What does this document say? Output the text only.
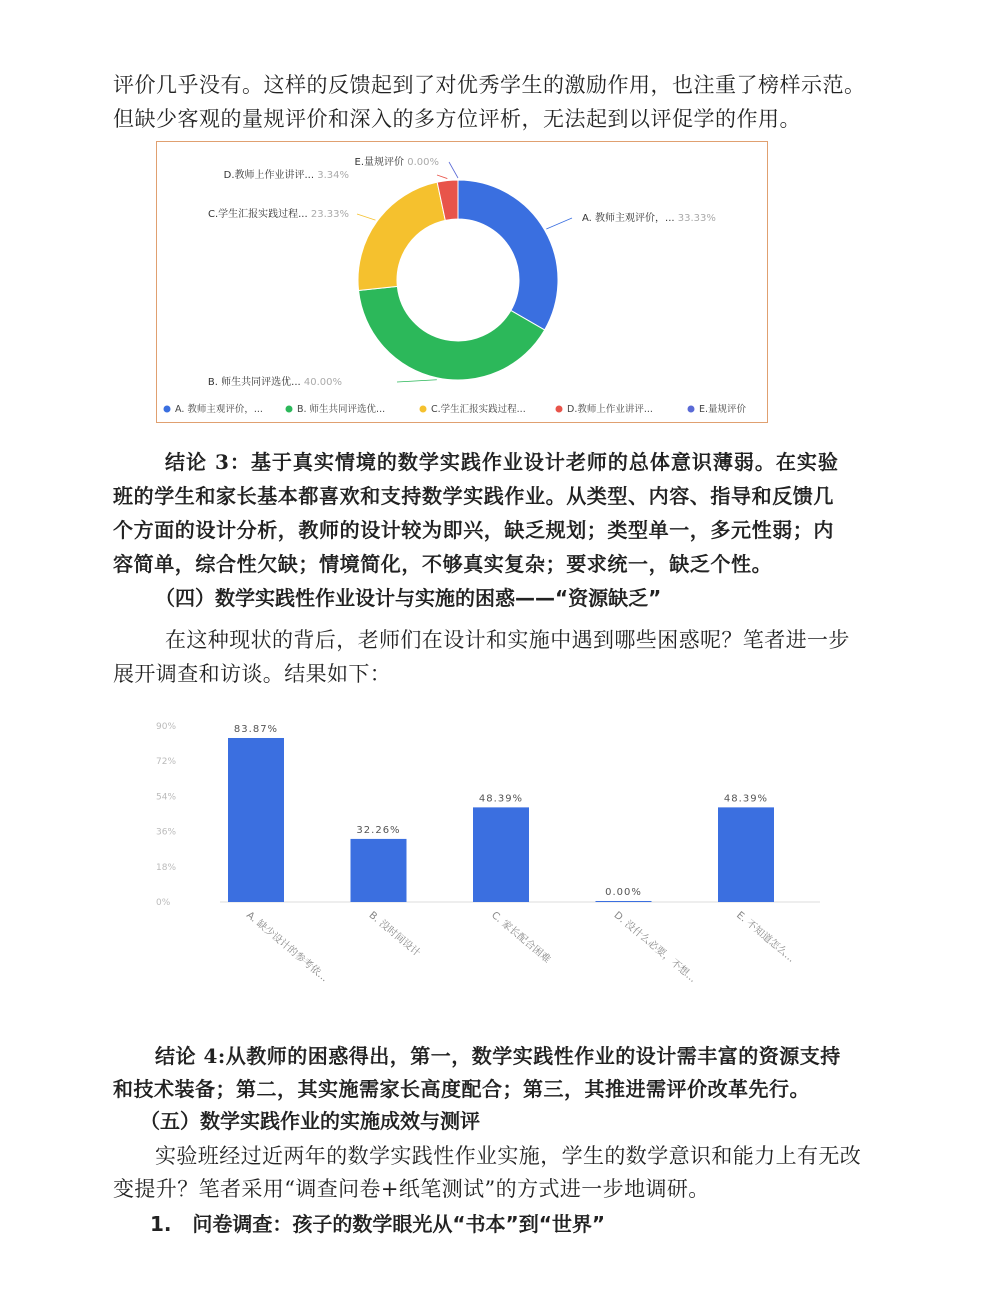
评价几乎没有。这样的反馈起到了对优秀学生的激励作用，也注重了榜样示范。
但缺少客观的量规评价和深入的多方位评析，无法起到以评促学的作用。
A. 教师主观评价，... 33.33%
B. 师生共同评选优... 40.00%
C.学生汇报实践过程... 23.33%
D.教师上作业讲评... 3.34%
E.量规评价 0.00%
A. 教师主观评价，...	B. 师生共同评选优...	C.学生汇报实践过程...	D.教师上作业讲评...	E.量规评价
结论 3：基于真实情境的数学实践作业设计老师的总体意识薄弱。在实验
班的学生和家长基本都喜欢和支持数学实践作业。从类型、内容、指导和反馈几
个方面的设计分析，教师的设计较为即兴，缺乏规划；类型单一，多元性弱；内
容简单，综合性欠缺；情境简化，不够真实复杂；要求统一，缺乏个性。
（四）数学实践性作业设计与实施的困惑——“资源缺乏”
在这种现状的背后，老师们在设计和实施中遇到哪些困惑呢？笔者进一步
展开调查和访谈。结果如下：
0%
18%
36%
54%
72%
90%	83.87%
A. 缺少设计的参考依...
32.26%
B. 没时间设计
48.39%
C. 家长配合困难
0.00%
D. 没什么必要，不想...
48.39%
E. 不知道怎么...
结论 4:从教师的困惑得出，第一，数学实践性作业的设计需丰富的资源支持
和技术装备；第二，其实施需家长高度配合；第三，其推进需评价改革先行。
（五）数学实践作业的实施成效与测评
实验班经过近两年的数学实践性作业实施，学生的数学意识和能力上有无改
变提升？笔者采用“调查问卷+纸笔测试”的方式进一步地调研。
1.   问卷调查：孩子的数学眼光从“书本”到“世界”
